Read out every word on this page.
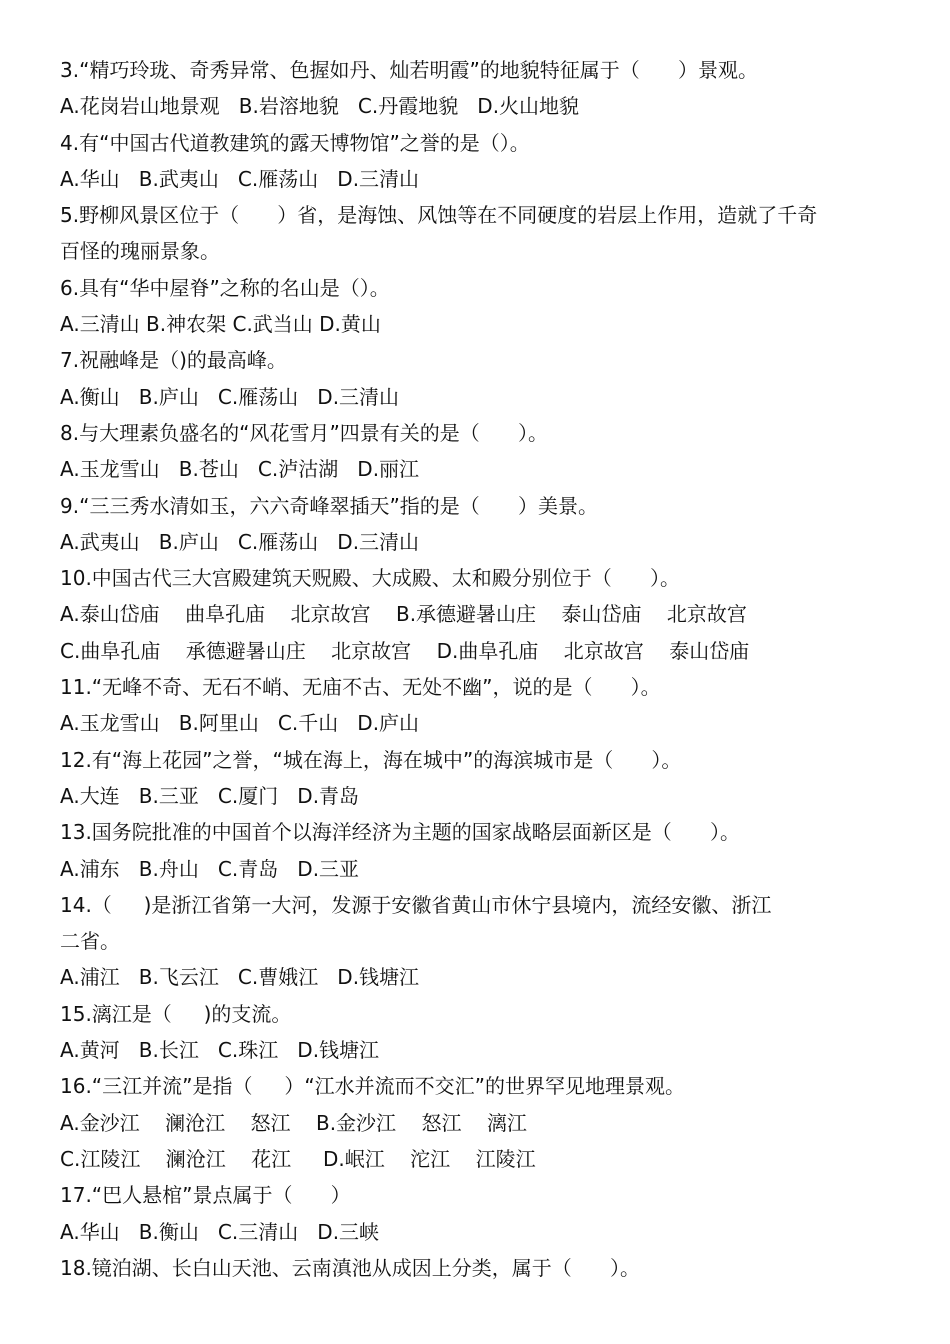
3.“精巧玲珑、奇秀异常、色握如丹、灿若明霞”的地貌特征属于（      ）景观。
A.花岗岩山地景观   B.岩溶地貌   C.丹霞地貌   D.火山地貌
4.有“中国古代道教建筑的露天博物馆”之誉的是（）。
A.华山   B.武夷山   C.雁荡山   D.三清山
5.野柳风景区位于（      ）省，是海蚀、风蚀等在不同硬度的岩层上作用，造就了千奇
百怪的瑰丽景象。
6.具有“华中屋脊”之称的名山是（）。
A.三清山 B.神农架 C.武当山 D.黄山
7.祝融峰是（)的最高峰。
A.衡山   B.庐山   C.雁荡山   D.三清山
8.与大理素负盛名的“风花雪月”四景有关的是（      ）。
A.玉龙雪山   B.苍山   C.泸沽湖   D.丽江
9.“三三秀水清如玉，六六奇峰翠插天”指的是（      ）美景。
A.武夷山   B.庐山   C.雁荡山   D.三清山
10.中国古代三大宫殿建筑天贶殿、大成殿、太和殿分别位于（      ）。
A.泰山岱庙    曲阜孔庙    北京故宫    B.承德避暑山庄    泰山岱庙    北京故宫
C.曲阜孔庙    承德避暑山庄    北京故宫    D.曲阜孔庙    北京故宫    泰山岱庙
11.“无峰不奇、无石不峭、无庙不古、无处不幽”，说的是（      ）。
A.玉龙雪山   B.阿里山   C.千山   D.庐山
12.有“海上花园”之誉，“城在海上，海在城中”的海滨城市是（      ）。
A.大连   B.三亚   C.厦门   D.青岛
13.国务院批准的中国首个以海洋经济为主题的国家战略层面新区是（      ）。
A.浦东   B.舟山   C.青岛   D.三亚
14.（     )是浙江省第一大河，发源于安徽省黄山市休宁县境内，流经安徽、浙江
二省。
A.浦江   B.飞云江   C.曹娥江   D.钱塘江
15.漓江是（     )的支流。
A.黄河   B.长江   C.珠江   D.钱塘江
16.“三江并流”是指（     ）“江水并流而不交汇”的世界罕见地理景观。
A.金沙江    澜沧江    怒江    B.金沙江    怒江    漓江
C.江陵江    澜沧江    花江     D.岷江    沱江    江陵江
17.“巴人悬棺”景点属于（      ）
A.华山   B.衡山   C.三清山   D.三峡
18.镜泊湖、长白山天池、云南滇池从成因上分类，属于（      ）。
